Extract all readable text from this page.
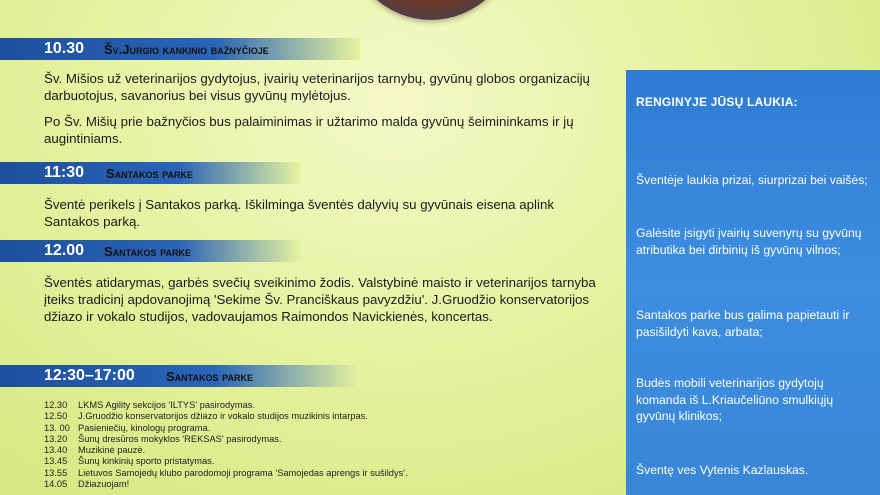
10.30 Šv.Jurgio kankinio bažnyčioje
Šv. Mišios už veterinarijos gydytojus, įvairių veterinarijos tarnybų, gyvūnų globos organizacijų darbuotojus, savanorius bei visus gyvūnų mylėtojus.
Po Šv. Mišių prie bažnyčios bus palaiminimas ir užtarimo malda gyvūnų šeimininkams ir jų augintiniams.
11:30 Santakos parke
Šventė perikels į Santakos parką. Iškilminga šventės dalyvių su gyvūnais eisena aplink Santakos parką.
12.00 Santakos parke
Šventės atidarymas, garbės svečių sveikinimo žodis. Valstybinė maisto ir veterinarijos tarnyba įteiks tradicinį apdovanojimą 'Sekime Šv. Pranciškaus pavyzdžiu'. J.Gruodžio konservatorijos džiazo ir vokalo studijos, vadovaujamos Raimondos Navickienės, koncertas.
12:30–17:00 Santakos parke
12.30	LKMS Agility sekcijos 'ILTYS' pasirodymas.
12.50	J.Gruodžio konservatorijos džiazo ir vokalo studijos muzikinis intarpas.
13. 00 Pasieniečių, kinologų programa.
13.20	Šunų dresūros mokyklos 'REKSAS' pasirodymas.
13.40	Muzikinė pauzė.
13.45	Šunų kinkinių sporto pristatymas.
13.55	Lietuvos Samojedų klubo parodomoji programa 'Samojedas aprengs ir sušildys'.
14.05	Džiazuojam!
RENGINYJE JŪSŲ LAUKIA:
Šventėje laukia prizai, siurprizai bei vaišės;
Galėsite įsigyti įvairių suvenyrų su gyvūnų atributika bei dirbinių iš gyvūnų vilnos;
Santakos parke bus galima papietauti ir pasišildyti kava, arbata;
Budės mobili veterinarijos gydytojų komanda iš L.Kriaučeliūno smulkiųjų gyvūnų klinikos;
Šventę ves Vytenis Kazlauskas.
